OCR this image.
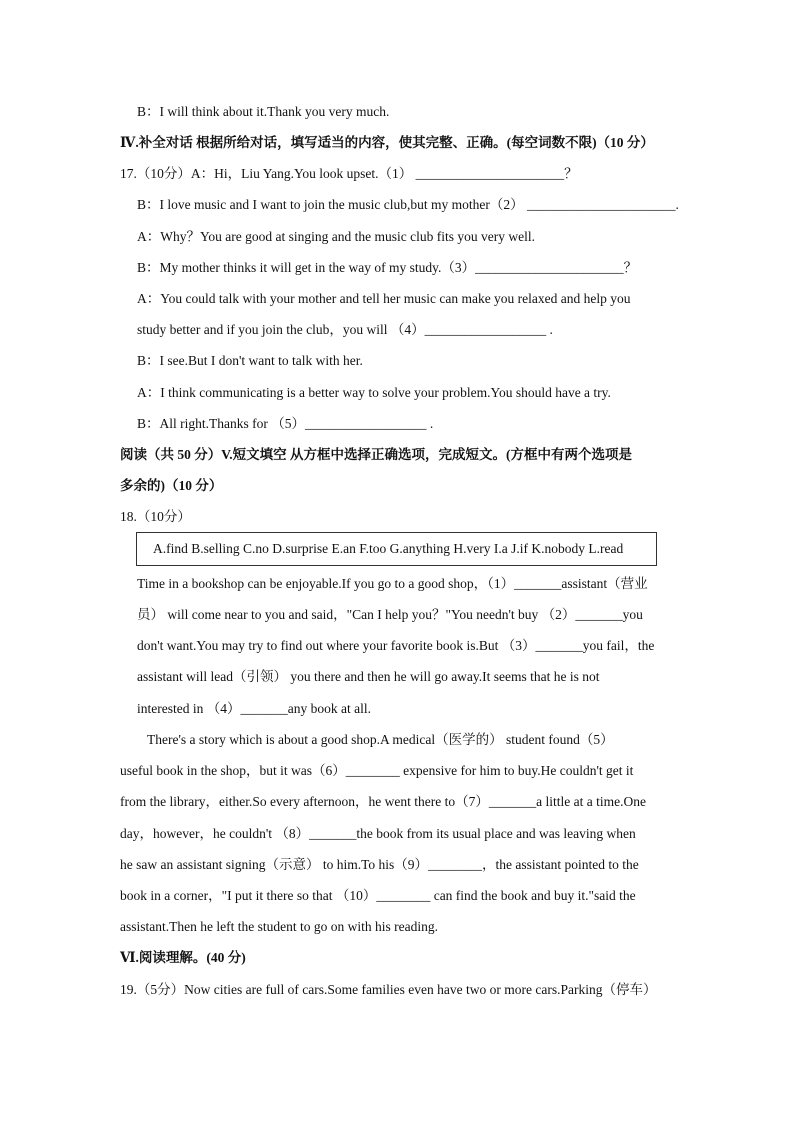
B：I will think about it.Thank you very much.
Ⅳ.补全对话 根据所给对话，填写适当的内容，使其完整、正确。(每空词数不限)（10 分）
17.（10分）A：Hi，Liu Yang.You look upset.（1） ______________________？
B：I love music and I want to join the music club,but my mother（2） ______________________.
A：Why？You are good at singing and the music club fits you very well.
B：My mother thinks it will get in the way of my study.（3）______________________？
A：You could talk with your mother and tell her music can make you relaxed and help you
study better and if you join the club，you will （4）__________________ .
B：I see.But I don't want to talk with her.
A：I think communicating is a better way to solve your problem.You should have a try.
B：All right.Thanks for （5）__________________ .
阅读（共 50 分）V.短文填空 从方框中选择正确选项，完成短文。(方框中有两个选项是
多余的)（10 分）
18.（10分）
A.find B.selling C.no D.surprise E.an F.too G.anything H.very I.a J.if K.nobody L.read
Time in a bookshop can be enjoyable.If you go to a good shop，（1）_______assistant（营业
员） will come near to you and said，"Can I help you？"You needn't buy （2）_______you
don't want.You may try to find out where your favorite book is.But （3）_______you fail，the
assistant will lead（引领） you there and then he will go away.It seems that he is not
interested in （4）_______any book at all.
There's a story which is about a good shop.A medical（医学的） student found（5）
useful book in the shop，but it was（6）________ expensive for him to buy.He couldn't get it
from the library，either.So every afternoon，he went there to（7）_______a little at a time.One
day，however，he couldn't （8）_______the book from its usual place and was leaving when
he saw an assistant signing（示意） to him.To his（9）________，the assistant pointed to the
book in a corner，"I put it there so that （10）________ can find the book and buy it."said the
assistant.Then he left the student to go on with his reading.
Ⅵ.阅读理解。(40 分)
19.（5分）Now cities are full of cars.Some families even have two or more cars.Parking（停车）
